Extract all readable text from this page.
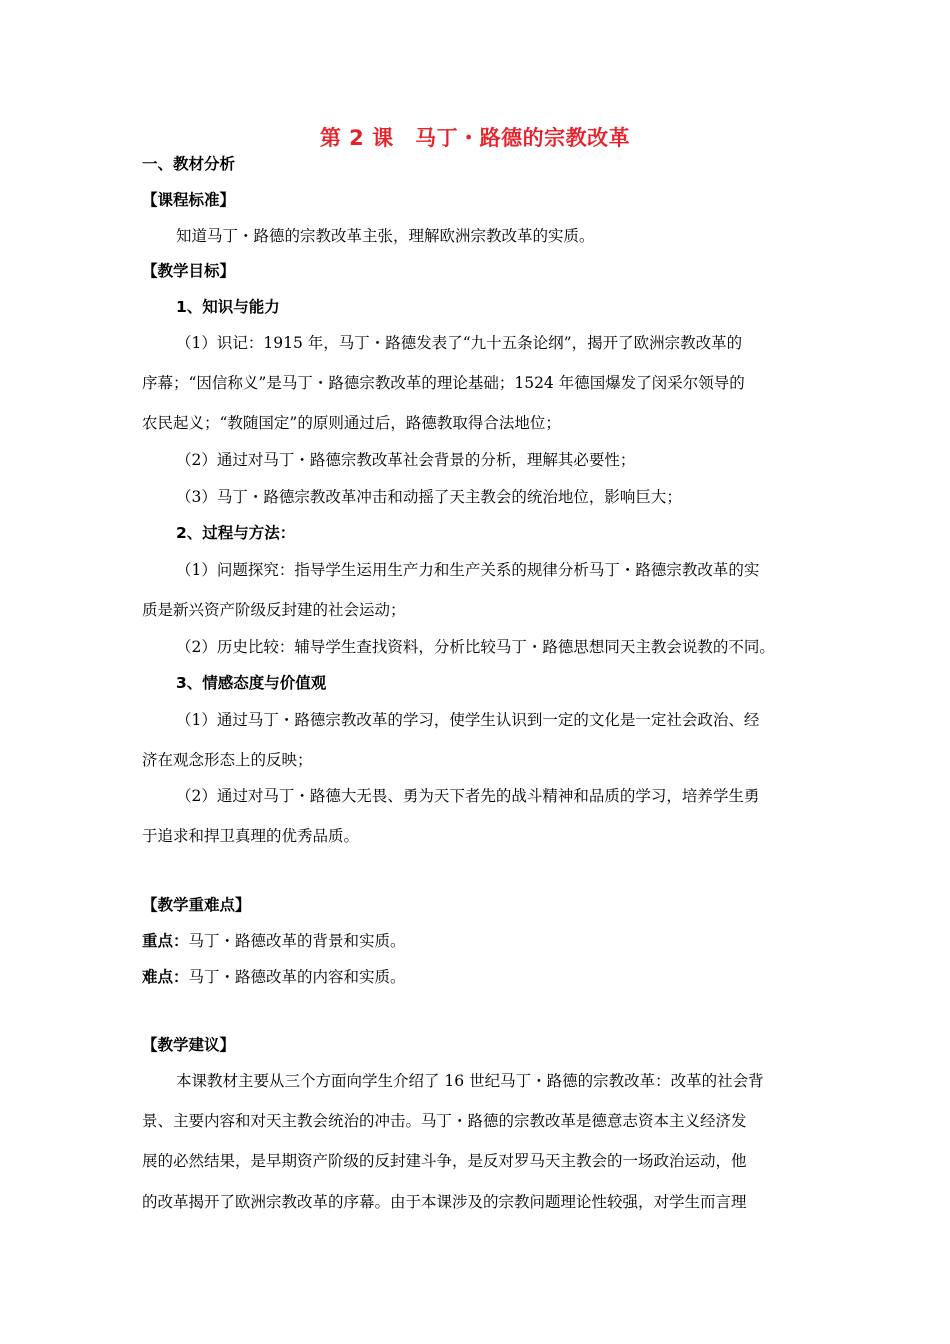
第 2 课　马丁・路德的宗教改革
一、教材分析
【课程标准】
知道马丁・路德的宗教改革主张，理解欧洲宗教改革的实质。
【教学目标】
1、知识与能力
（1）识记：1915 年，马丁・路德发表了“九十五条论纲”，揭开了欧洲宗教改革的
序幕；“因信称义”是马丁・路德宗教改革的理论基础；1524 年德国爆发了闵采尔领导的
农民起义；“教随国定”的原则通过后，路德教取得合法地位；
（2）通过对马丁・路德宗教改革社会背景的分析，理解其必要性；
（3）马丁・路德宗教改革冲击和动摇了天主教会的统治地位，影响巨大；
2、过程与方法：
（1）问题探究：指导学生运用生产力和生产关系的规律分析马丁・路德宗教改革的实
质是新兴资产阶级反封建的社会运动；
（2）历史比较：辅导学生查找资料，分析比较马丁・路德思想同天主教会说教的不同。
3、情感态度与价值观
（1）通过马丁・路德宗教改革的学习，使学生认识到一定的文化是一定社会政治、经
济在观念形态上的反映；
（2）通过对马丁・路德大无畏、勇为天下者先的战斗精神和品质的学习，培养学生勇
于追求和捍卫真理的优秀品质。
【教学重难点】
重点：马丁・路德改革的背景和实质。
难点：马丁・路德改革的内容和实质。
【教学建议】
本课教材主要从三个方面向学生介绍了 16 世纪马丁・路德的宗教改革：改革的社会背
景、主要内容和对天主教会统治的冲击。马丁・路德的宗教改革是德意志资本主义经济发
展的必然结果，是早期资产阶级的反封建斗争，是反对罗马天主教会的一场政治运动，他
的改革揭开了欧洲宗教改革的序幕。由于本课涉及的宗教问题理论性较强，对学生而言理
